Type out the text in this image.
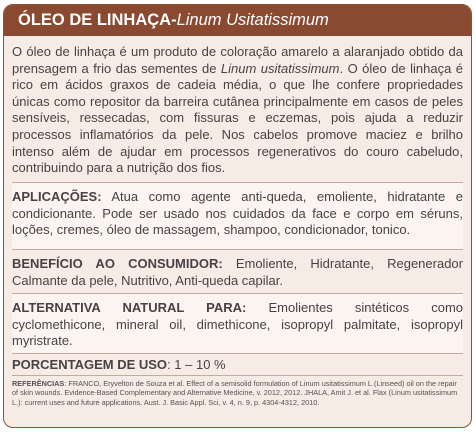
ÓLEO DE LINHAÇA - Linum Usitatissimum
O óleo de linhaça é um produto de coloração amarelo a alaranjado obtido da prensagem a frio das sementes de Linum usitatissimum. O óleo de linhaça é rico em ácidos graxos de cadeia média, o que lhe confere propriedades únicas como repositor da barreira cutânea principalmente em casos de peles sensíveis, ressecadas, com fissuras e eczemas, pois ajuda a reduzir processos inflamatórios da pele. Nos cabelos promove maciez e brilho intenso além de ajudar em processos regenerativos do couro cabeludo, contribuindo para a nutrição dos fios.
APLICAÇÕES: Atua como agente anti-queda, emoliente, hidratante e condicionante. Pode ser usado nos cuidados da face e corpo em séruns, loções, cremes, óleo de massagem, shampoo, condicionador, tonico.
BENEFÍCIO AO CONSUMIDOR: Emoliente, Hidratante, Regenerador Calmante da pele, Nutritivo, Anti-queda capilar.
ALTERNATIVA NATURAL PARA: Emolientes sintéticos como cyclomethicone, mineral oil, dimethicone, isopropyl palmitate, isopropyl myristrate.
PORCENTAGEM DE USO: 1 – 10 %
REFERÊNCIAS: FRANCO, Eryvelton de Souza et al. Effect of a semisolid formulation of Linum usitatissimum L.(Linseed) oil on the repair of skin wounds. Evidence-Based Complementary and Alternative Medicine, v. 2012, 2012. JHALA, Amit J. et al. Flax (Linum usitatissimum L.): current uses and future applications. Aust. J. Basic Appl. Sci, v. 4, n. 9, p. 4304-4312, 2010.
